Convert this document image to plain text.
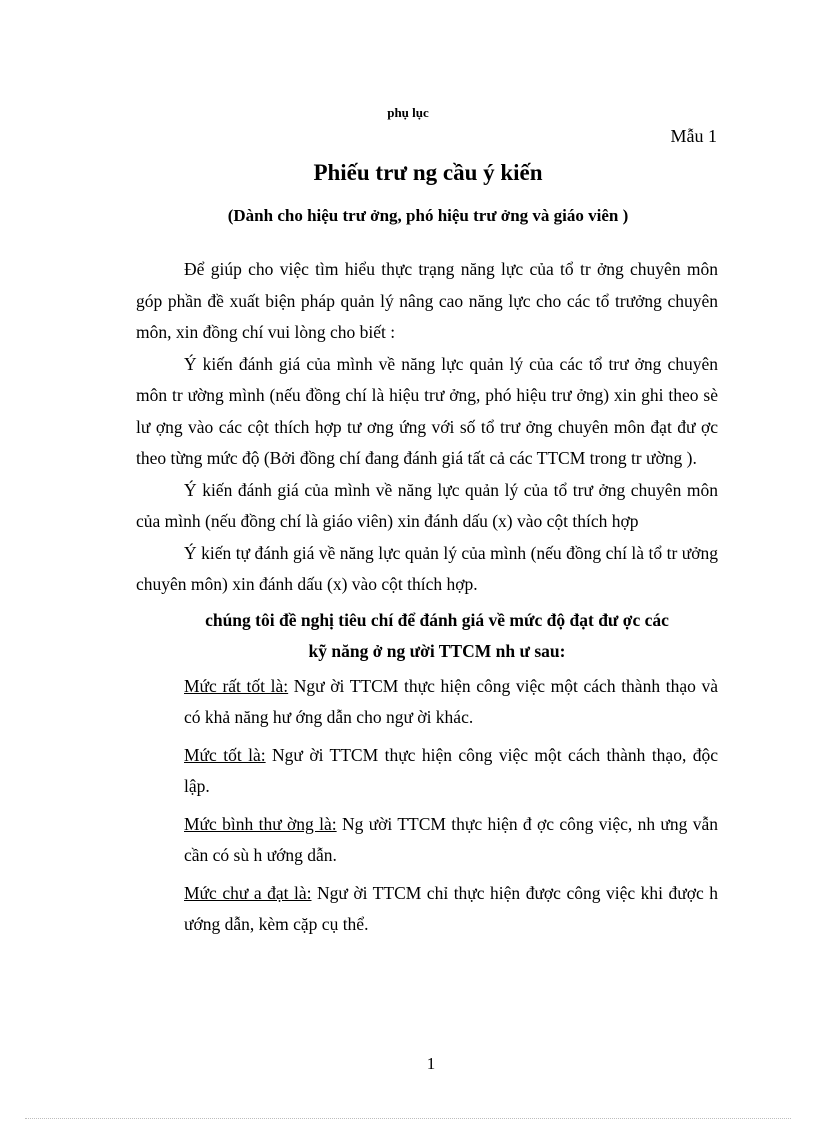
phụ lục
Mẫu 1
Phiếu trư ng cầu ý kiến
(Dành cho hiệu trư ởng, phó hiệu trư ởng và giáo viên )

Để giúp cho việc tìm hiểu thực trạng năng lực của tổ tr ởng chuyên môn góp phần đề xuất biện pháp quản lý nâng cao năng lực cho các tổ trưởng chuyên môn, xin đồng chí vui lòng cho biết :

Ý kiến đánh giá của mình về năng lực quản lý của các tổ trư ởng chuyên môn tr ường mình (nếu đồng chí là hiệu trư ởng, phó hiệu trư ởng) xin ghi theo sè lư ợng vào các cột thích hợp tư ơng ứng với số tổ trư ởng chuyên môn đạt đư ợc theo từng mức độ (Bởi đồng chí đang đánh giá tất cả các TTCM trong tr ường ).

Ý kiến đánh giá của mình về năng lực quản lý của tổ trư ởng chuyên môn của mình (nếu đồng chí là giáo viên) xin đánh dấu (x) vào cột thích hợp

Ý kiến tự đánh giá về năng lực quản lý của mình (nếu đồng chí là tổ tr ưởng chuyên môn) xin đánh dấu (x) vào cột thích hợp.

chúng tôi đề nghị tiêu chí để đánh giá về mức độ đạt đư ợc các
kỹ năng ở ng ười TTCM nh ư sau:

Mức rất tốt là: Ngư ời TTCM thực hiện công việc một cách thành thạo và có khả năng hư ớng dẫn cho ngư ời khác.

Mức tốt là: Ngư ời TTCM thực hiện công việc một cách thành thạo, độc lập.

Mức bình thư ờng là: Ng ười TTCM thực hiện đ ợc công việc, nh ưng vẫn cần có sù h ướng dẫn.

Mức chư a đạt là: Ngư ời TTCM chỉ thực hiện được công việc khi được h ướng dẫn, kèm cặp cụ thể.

1
